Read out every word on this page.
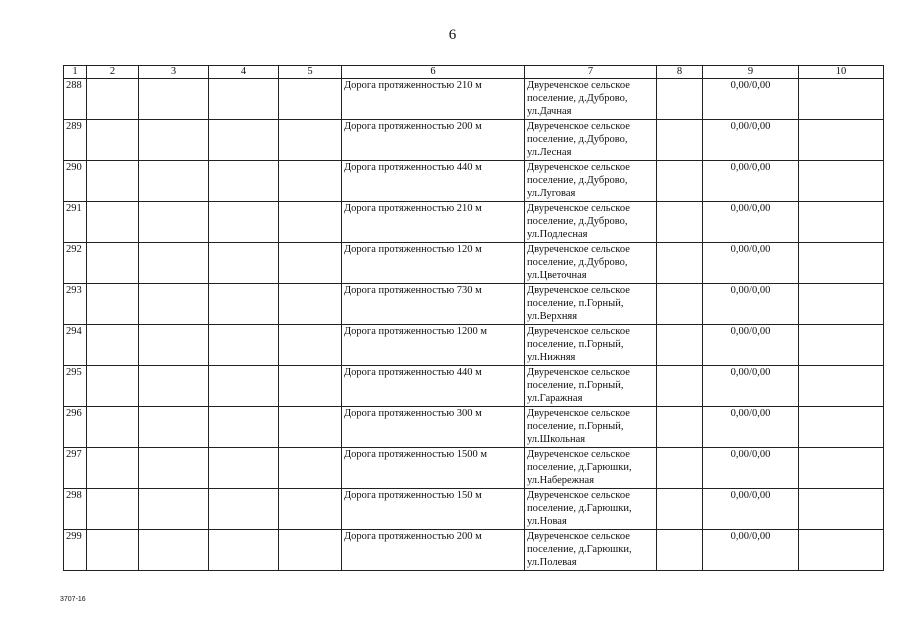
6
1	2	3	4	5	6	7	8	9	10
288					Дорога протяженностью 210 м	Двуреченское сельское
поселение, д.Дуброво,
ул.Дачная		0,00/0,00	
289					Дорога протяженностью 200 м	Двуреченское сельское
поселение, д.Дуброво,
ул.Лесная		0,00/0,00	
290					Дорога протяженностью 440 м	Двуреченское сельское
поселение, д.Дуброво,
ул.Луговая		0,00/0,00	
291					Дорога протяженностью 210 м	Двуреченское сельское
поселение, д.Дуброво,
ул.Подлесная		0,00/0,00	
292					Дорога протяженностью 120 м	Двуреченское сельское
поселение, д.Дуброво,
ул.Цветочная		0,00/0,00	
293					Дорога протяженностью 730 м	Двуреченское сельское
поселение, п.Горный,
ул.Верхняя		0,00/0,00	
294					Дорога протяженностью 1200 м	Двуреченское сельское
поселение, п.Горный,
ул.Нижняя		0,00/0,00	
295					Дорога протяженностью 440 м	Двуреченское сельское
поселение, п.Горный,
ул.Гаражная		0,00/0,00	
296					Дорога протяженностью 300 м	Двуреченское сельское
поселение, п.Горный,
ул.Школьная		0,00/0,00	
297					Дорога протяженностью 1500 м	Двуреченское сельское
поселение, д.Гарюшки,
ул.Набережная		0,00/0,00	
298					Дорога протяженностью 150 м	Двуреченское сельское
поселение, д.Гарюшки,
ул.Новая		0,00/0,00	
299					Дорога протяженностью 200 м	Двуреченское сельское
поселение, д.Гарюшки,
ул.Полевая		0,00/0,00	
3707-16
